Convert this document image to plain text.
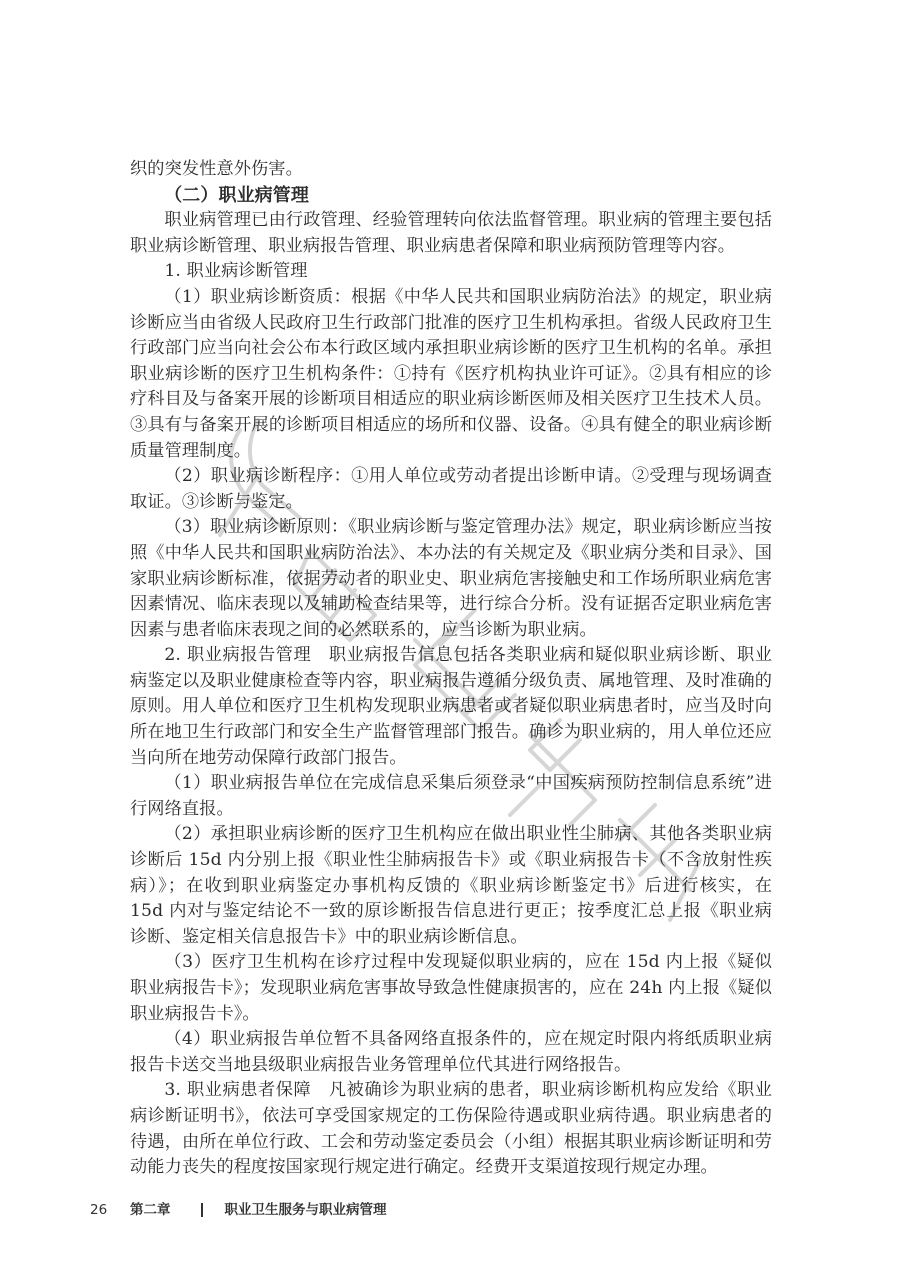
织的突发性意外伤害。

（二）职业病管理

职业病管理已由行政管理、经验管理转向依法监督管理。职业病的管理主要包括职业病诊断管理、职业病报告管理、职业病患者保障和职业病预防管理等内容。

1. 职业病诊断管理

（1）职业病诊断资质：根据《中华人民共和国职业病防治法》的规定，职业病诊断应当由省级人民政府卫生行政部门批准的医疗卫生机构承担。省级人民政府卫生行政部门应当向社会公布本行政区域内承担职业病诊断的医疗卫生机构的名单。承担职业病诊断的医疗卫生机构条件：①持有《医疗机构执业许可证》。②具有相应的诊疗科目及与备案开展的诊断项目相适应的职业病诊断医师及相关医疗卫生技术人员。③具有与备案开展的诊断项目相适应的场所和仪器、设备。④具有健全的职业病诊断质量管理制度。

（2）职业病诊断程序：①用人单位或劳动者提出诊断申请。②受理与现场调查取证。③诊断与鉴定。

（3）职业病诊断原则：《职业病诊断与鉴定管理办法》规定，职业病诊断应当按照《中华人民共和国职业病防治法》、本办法的有关规定及《职业病分类和目录》、国家职业病诊断标准，依据劳动者的职业史、职业病危害接触史和工作场所职业病危害因素情况、临床表现以及辅助检查结果等，进行综合分析。没有证据否定职业病危害因素与患者临床表现之间的必然联系的，应当诊断为职业病。

2. 职业病报告管理　职业病报告信息包括各类职业病和疑似职业病诊断、职业病鉴定以及职业健康检查等内容，职业病报告遵循分级负责、属地管理、及时准确的原则。用人单位和医疗卫生机构发现职业病患者或者疑似职业病患者时，应当及时向所在地卫生行政部门和安全生产监督管理部门报告。确诊为职业病的，用人单位还应当向所在地劳动保障行政部门报告。

（1）职业病报告单位在完成信息采集后须登录“中国疾病预防控制信息系统”进行网络直报。

（2）承担职业病诊断的医疗卫生机构应在做出职业性尘肺病、其他各类职业病诊断后 15d 内分别上报《职业性尘肺病报告卡》或《职业病报告卡（不含放射性疾病）》；在收到职业病鉴定办事机构反馈的《职业病诊断鉴定书》后进行核实，在 15d 内对与鉴定结论不一致的原诊断报告信息进行更正；按季度汇总上报《职业病诊断、鉴定相关信息报告卡》中的职业病诊断信息。

（3）医疗卫生机构在诊疗过程中发现疑似职业病的，应在 15d 内上报《疑似职业病报告卡》；发现职业病危害事故导致急性健康损害的，应在 24h 内上报《疑似职业病报告卡》。

（4）职业病报告单位暂不具备网络直报条件的，应在规定时限内将纸质职业病报告卡送交当地县级职业病报告业务管理单位代其进行网络报告。

3. 职业病患者保障　凡被确诊为职业病的患者，职业病诊断机构应发给《职业病诊断证明书》，依法可享受国家规定的工伤保险待遇或职业病待遇。职业病患者的待遇，由所在单位行政、工会和劳动鉴定委员会（小组）根据其职业病诊断证明和劳动能力丧失的程度按国家现行规定进行确定。经费开支渠道按现行规定办理。

26	第二章	职业卫生服务与职业病管理
